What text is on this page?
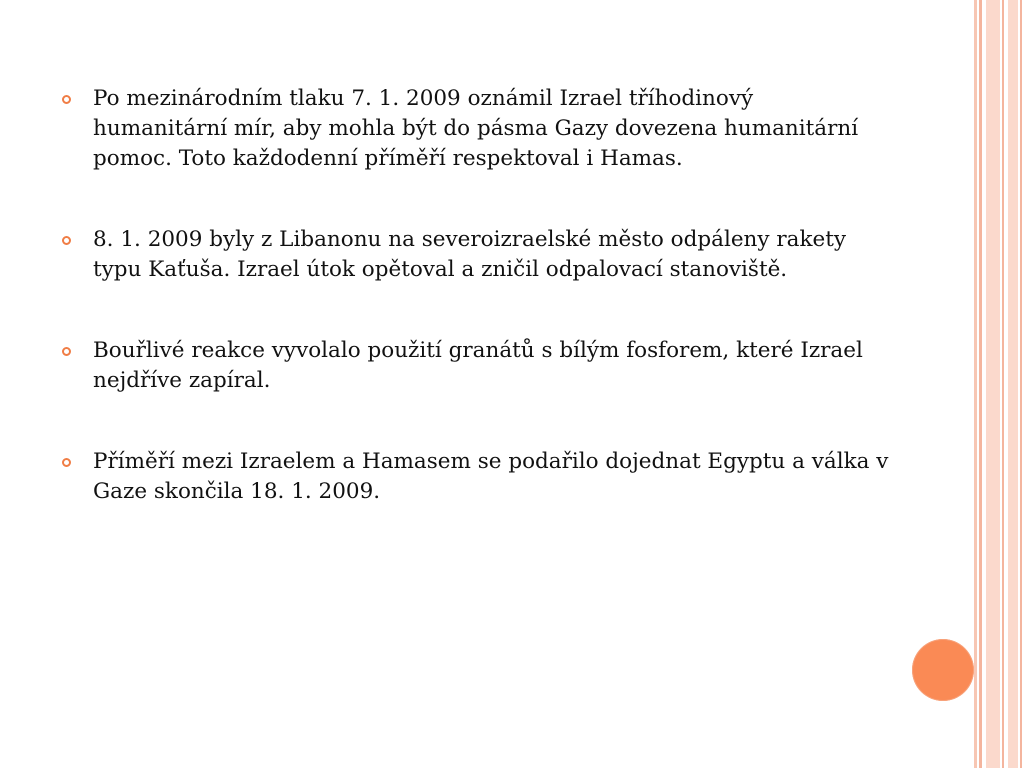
Po mezinárodním tlaku 7. 1. 2009 oznámil Izrael tříhodinový humanitární mír, aby mohla být do pásma Gazy dovezena humanitární pomoc. Toto každodenní příměří respektoval i Hamas.
8. 1. 2009 byly z Libanonu na severoizraelské město odpáleny rakety typu Kaťuša. Izrael útok opětoval a zničil odpalovací stanoviště.
Bouřlivé reakce vyvolalo použití granátů s bílým fosforem, které Izrael nejdříve zapíral.
Příměří mezi Izraelem a Hamasem se podařilo dojednat Egyptu a válka v Gaze skončila 18. 1. 2009.
